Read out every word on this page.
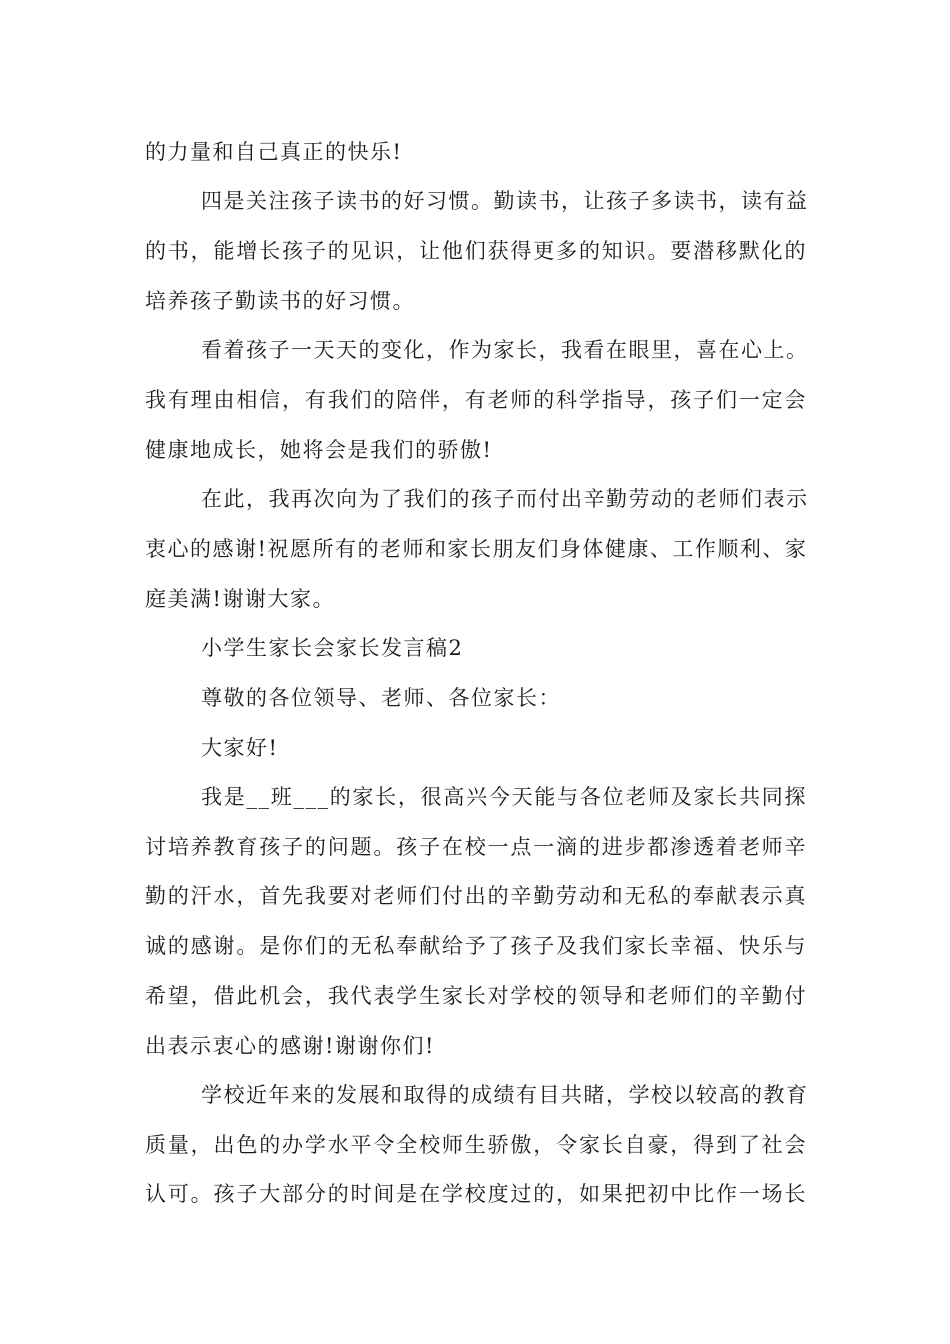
的力量和自己真正的快乐!
四是关注孩子读书的好习惯。勤读书，让孩子多读书，读有益
的书，能增长孩子的见识，让他们获得更多的知识。要潜移默化的
培养孩子勤读书的好习惯。
看着孩子一天天的变化，作为家长，我看在眼里，喜在心上。
我有理由相信，有我们的陪伴，有老师的科学指导，孩子们一定会
健康地成长，她将会是我们的骄傲!
在此，我再次向为了我们的孩子而付出辛勤劳动的老师们表示
衷心的感谢!祝愿所有的老师和家长朋友们身体健康、工作顺利、家
庭美满!谢谢大家。
小学生家长会家长发言稿2
尊敬的各位领导、老师、各位家长：
大家好!
我是__班___的家长，很高兴今天能与各位老师及家长共同探
讨培养教育孩子的问题。孩子在校一点一滴的进步都渗透着老师辛
勤的汗水，首先我要对老师们付出的辛勤劳动和无私的奉献表示真
诚的感谢。是你们的无私奉献给予了孩子及我们家长幸福、快乐与
希望，借此机会，我代表学生家长对学校的领导和老师们的辛勤付
出表示衷心的感谢!谢谢你们!
学校近年来的发展和取得的成绩有目共睹，学校以较高的教育
质量，出色的办学水平令全校师生骄傲，令家长自豪，得到了社会
认可。孩子大部分的时间是在学校度过的，如果把初中比作一场长
